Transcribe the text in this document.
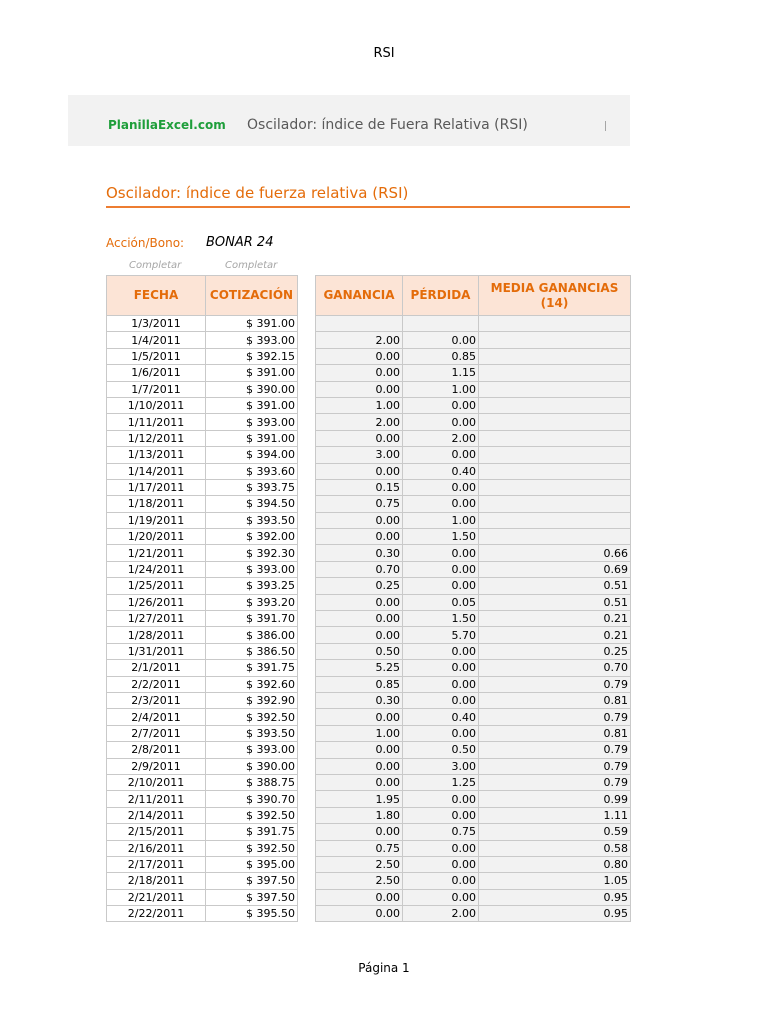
RSI
PlanillaExcel.com Oscilador: índice de Fuera Relativa (RSI)
Oscilador: índice de fuerza relativa (RSI)
Acción/Bono: BONAR 24
Completar	Completar
FECHA	COTIZACIÓN
1/3/2011	$ 391.00
1/4/2011	$ 393.00
1/5/2011	$ 392.15
1/6/2011	$ 391.00
1/7/2011	$ 390.00
1/10/2011	$ 391.00
1/11/2011	$ 393.00
1/12/2011	$ 391.00
1/13/2011	$ 394.00
1/14/2011	$ 393.60
1/17/2011	$ 393.75
1/18/2011	$ 394.50
1/19/2011	$ 393.50
1/20/2011	$ 392.00
1/21/2011	$ 392.30
1/24/2011	$ 393.00
1/25/2011	$ 393.25
1/26/2011	$ 393.20
1/27/2011	$ 391.70
1/28/2011	$ 386.00
1/31/2011	$ 386.50
2/1/2011	$ 391.75
2/2/2011	$ 392.60
2/3/2011	$ 392.90
2/4/2011	$ 392.50
2/7/2011	$ 393.50
2/8/2011	$ 393.00
2/9/2011	$ 390.00
2/10/2011	$ 388.75
2/11/2011	$ 390.70
2/14/2011	$ 392.50
2/15/2011	$ 391.75
2/16/2011	$ 392.50
2/17/2011	$ 395.00
2/18/2011	$ 397.50
2/21/2011	$ 397.50
2/22/2011	$ 395.50
GANANCIA	PÉRDIDA	MEDIA GANANCIAS (14)

2.00	0.00	
0.00	0.85	
0.00	1.15	
0.00	1.00	
1.00	0.00	
2.00	0.00	
0.00	2.00	
3.00	0.00	
0.00	0.40	
0.15	0.00	
0.75	0.00	
0.00	1.00	
0.00	1.50	
0.30	0.00	0.66
0.70	0.00	0.69
0.25	0.00	0.51
0.00	0.05	0.51
0.00	1.50	0.21
0.00	5.70	0.21
0.50	0.00	0.25
5.25	0.00	0.70
0.85	0.00	0.79
0.30	0.00	0.81
0.00	0.40	0.79
1.00	0.00	0.81
0.00	0.50	0.79
0.00	3.00	0.79
0.00	1.25	0.79
1.95	0.00	0.99
1.80	0.00	1.11
0.00	0.75	0.59
0.75	0.00	0.58
2.50	0.00	0.80
2.50	0.00	1.05
0.00	0.00	0.95
0.00	2.00	0.95
Página 1
